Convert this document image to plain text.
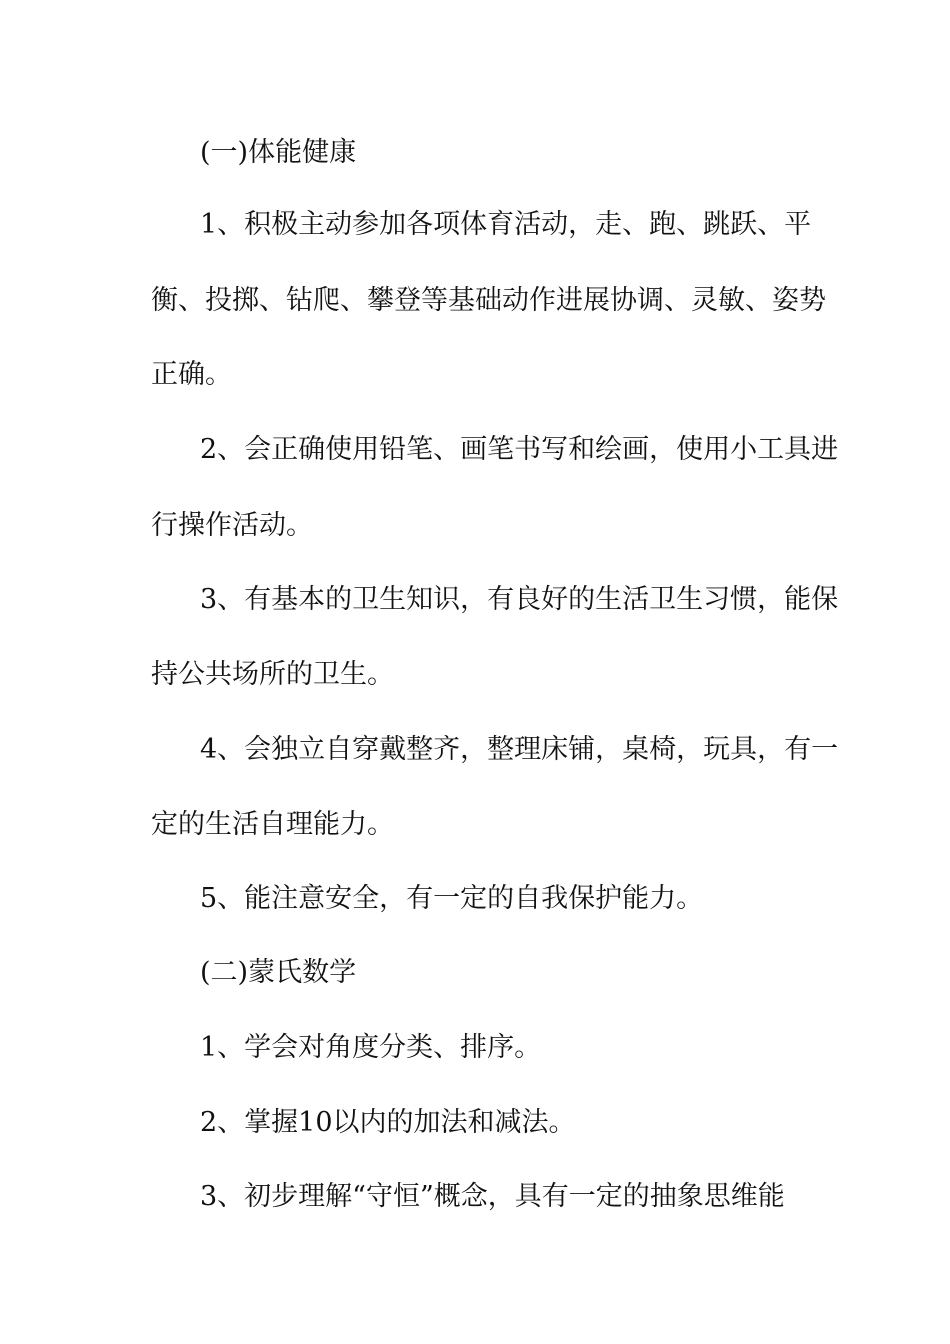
(一)体能健康
1、积极主动参加各项体育活动，走、跑、跳跃、平
衡、投掷、钻爬、攀登等基础动作进展协调、灵敏、姿势
正确。
2、会正确使用铅笔、画笔书写和绘画，使用小工具进
行操作活动。
3、有基本的卫生知识，有良好的生活卫生习惯，能保
持公共场所的卫生。
4、会独立自穿戴整齐，整理床铺，桌椅，玩具，有一
定的生活自理能力。
5、能注意安全，有一定的自我保护能力。
(二)蒙氏数学
1、学会对角度分类、排序。
2、掌握10以内的加法和减法。
3、初步理解“守恒”概念，具有一定的抽象思维能
